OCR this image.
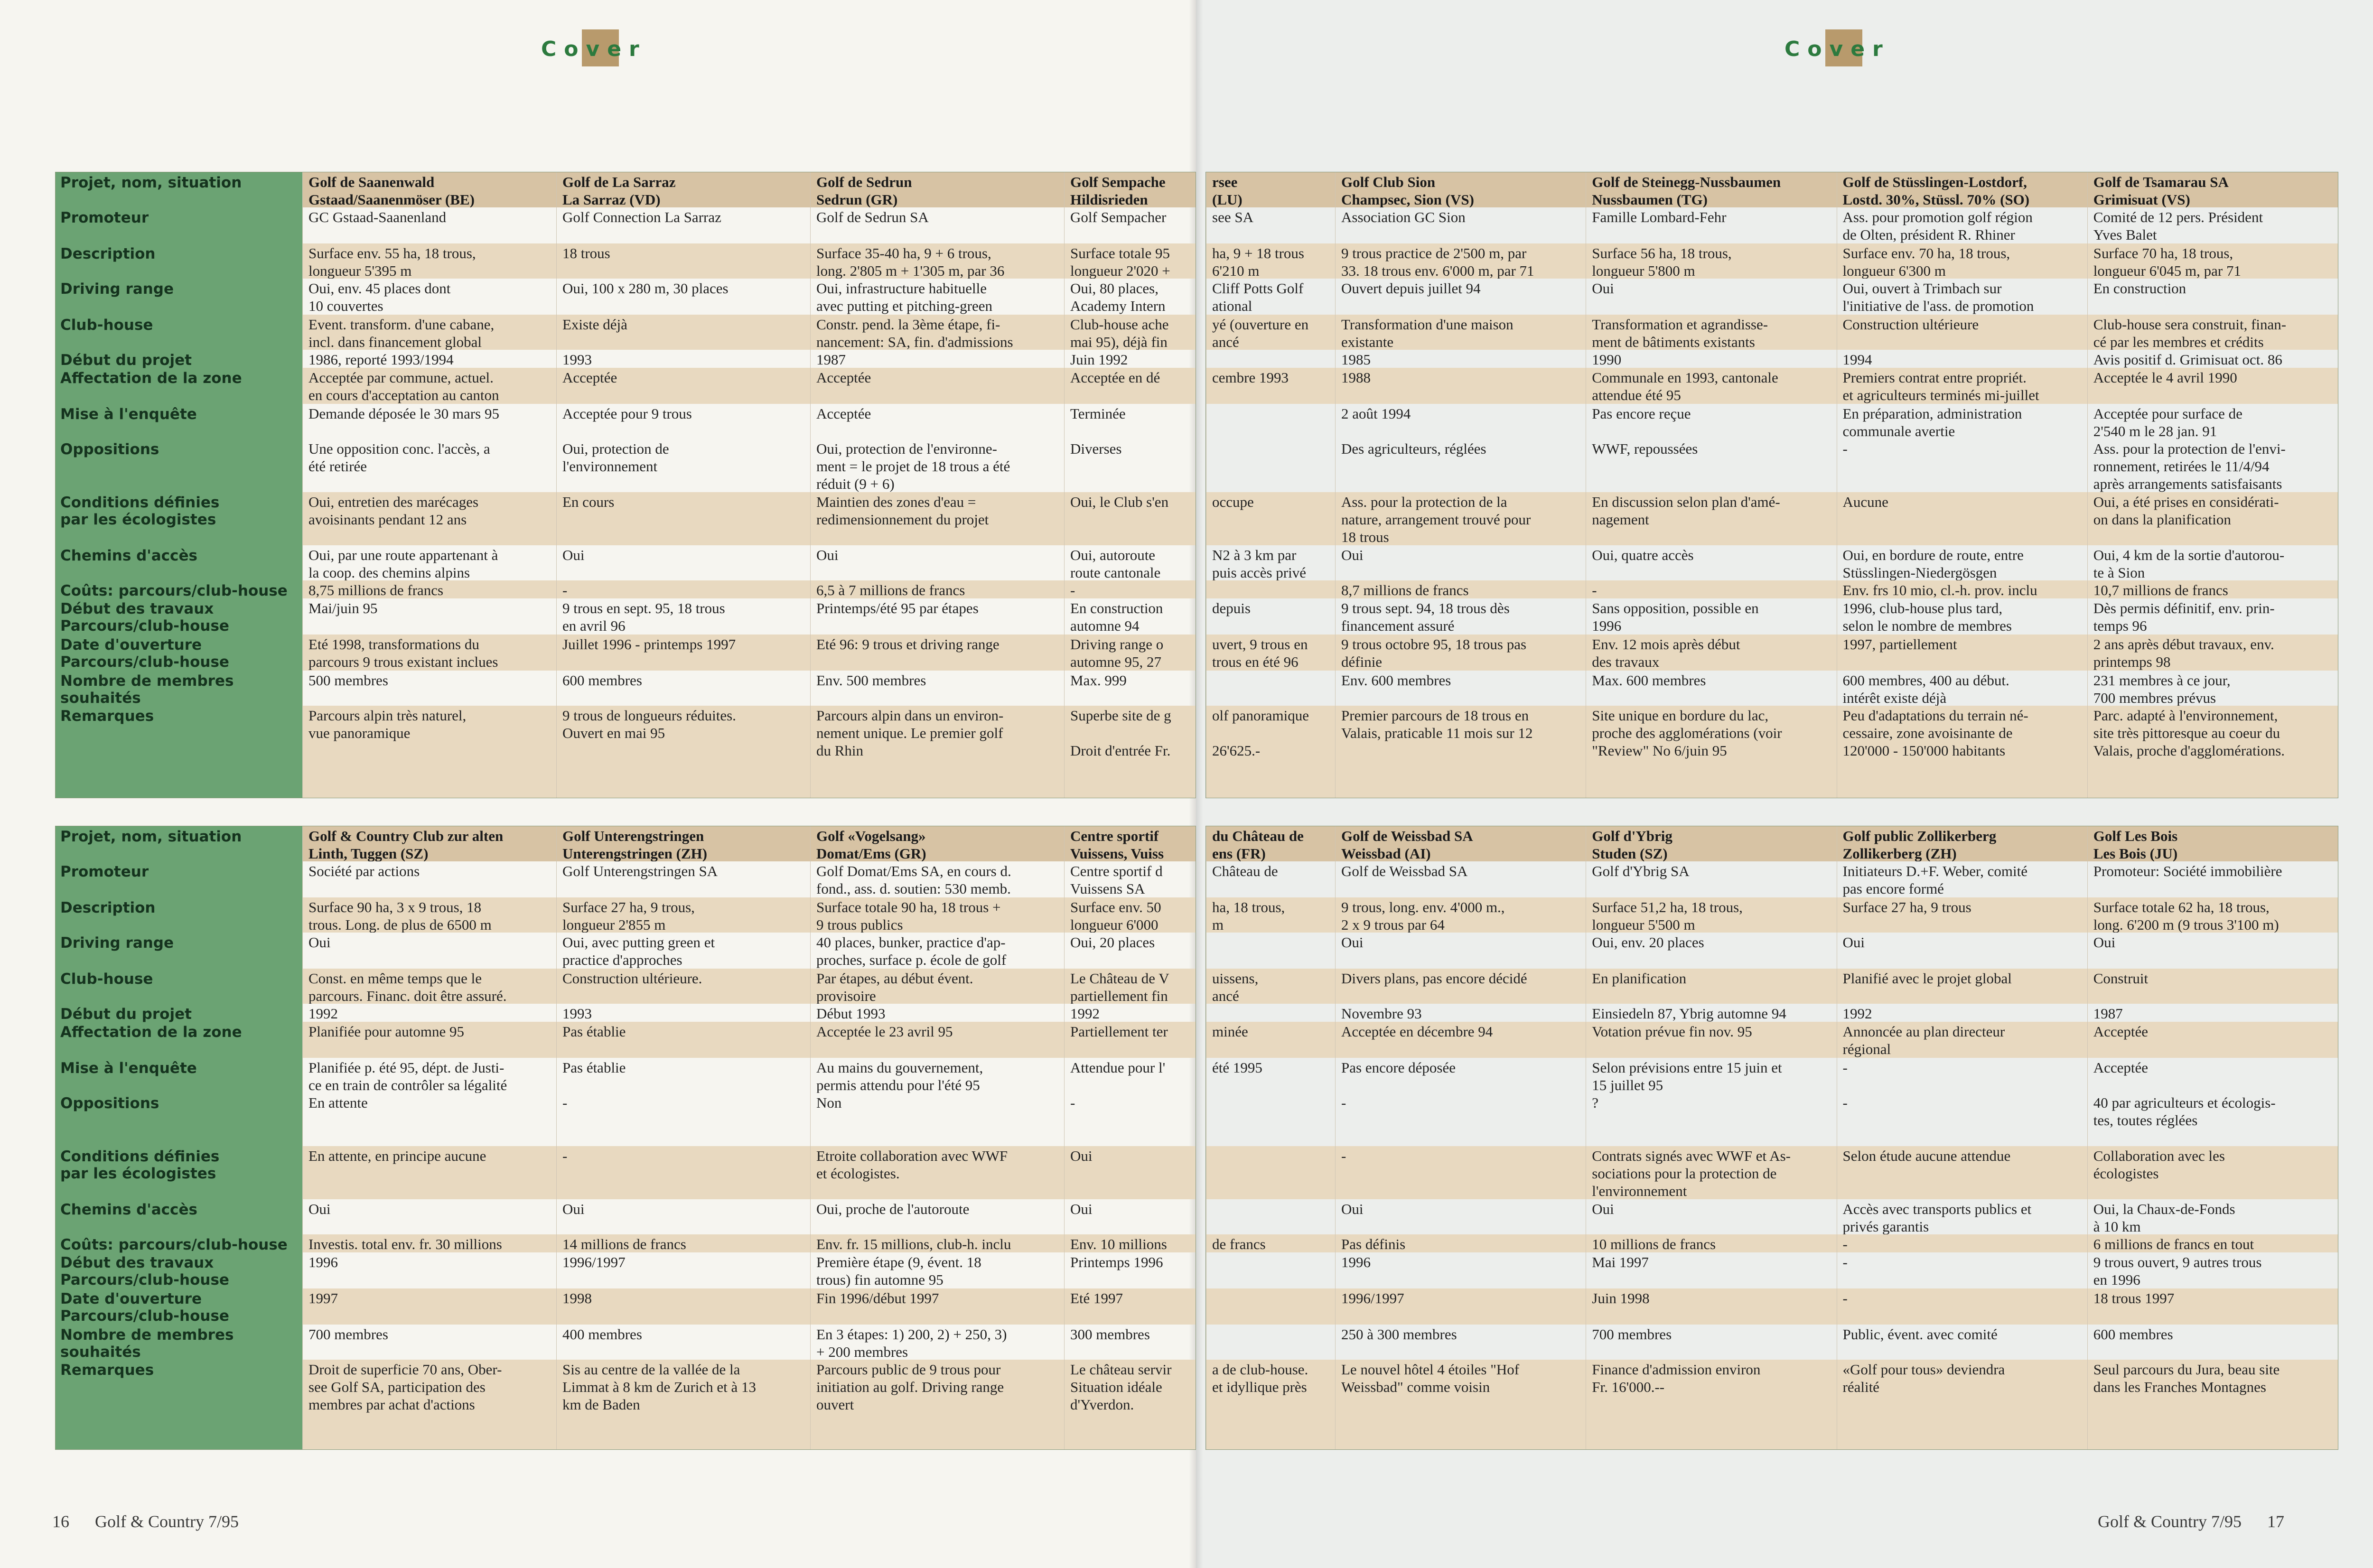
Cover	Cover
Projet, nom, situation
Promoteur
Description
Driving range
Club-house
Début du projet
Affectation de la zone
Mise à l'enquête
Oppositions
Conditions définies
par les écologistes
Chemins d'accès
Coûts: parcours/club-house
Début des travaux
Parcours/club-house
Date d'ouverture
Parcours/club-house
Nombre de membres
souhaités
Remarques
Golf de Saanenwald
Gstaad/Saanenmöser (BE)
GC Gstaad-Saanenland
Surface env. 55 ha, 18 trous,
longueur 5'395 m
Oui, env. 45 places dont
10 couvertes
Event. transform. d'une cabane,
incl. dans financement global
1986, reporté 1993/1994
Acceptée par commune, actuel.
en cours d'acceptation au canton
Demande déposée le 30 mars 95
Une opposition conc. l'accès, a
été retirée
Oui, entretien des marécages
avoisinants pendant 12 ans
Oui, par une route appartenant à
la coop. des chemins alpins
8,75 millions de francs
Mai/juin 95
Eté 1998, transformations du
parcours 9 trous existant inclues
500 membres
Parcours alpin très naturel,
vue panoramique
Golf de La Sarraz
La Sarraz (VD)
Golf Connection La Sarraz
18 trous
Oui, 100 x 280 m, 30 places
Existe déjà
1993
Acceptée
Acceptée pour 9 trous
Oui, protection de
l'environnement
En cours
Oui
-
9 trous en sept. 95, 18 trous
en avril 96
Juillet 1996 - printemps 1997
600 membres
9 trous de longueurs réduites.
Ouvert en mai 95
Golf de Sedrun
Sedrun (GR)
Golf de Sedrun SA
Surface 35-40 ha, 9 + 6 trous,
long. 2'805 m + 1'305 m, par 36
Oui, infrastructure habituelle
avec putting et pitching-green
Constr. pend. la 3ème étape, fi-
nancement: SA, fin. d'admissions
1987
Acceptée
Acceptée
Oui, protection de l'environne-
ment = le projet de 18 trous a été
réduit (9 + 6)
Maintien des zones d'eau =
redimensionnement du projet
Oui
6,5 à 7 millions de francs
Printemps/été 95 par étapes
Eté 96: 9 trous et driving range
Env. 500 membres
Parcours alpin dans un environ-
nement unique. Le premier golf
du Rhin
Golf Sempache
Hildisrieden
Golf Sempacher
Surface totale 95
longueur 2'020 +
Oui, 80 places,
Academy Intern
Club-house ache
mai 95), déjà fin
Juin 1992
Acceptée en dé
Terminée
Diverses
Oui, le Club s'en
Oui, autoroute
route cantonale
-
En construction
automne 94
Driving range o
automne 95, 27
Max. 999
Superbe site de g

Droit d'entrée Fr.
rsee
(LU)
see SA
ha, 9 + 18 trous
6'210 m
Cliff Potts Golf
ational
yé (ouverture en
ancé
cembre 1993
occupe
N2 à 3 km par
puis accès privé
depuis
uvert, 9 trous en
trous en été 96
olf panoramique

26'625.-
Golf Club Sion
Champsec, Sion (VS)
Association GC Sion
9 trous practice de 2'500 m, par
33. 18 trous env. 6'000 m, par 71
Ouvert depuis juillet 94
Transformation d'une maison
existante
1985
1988
2 août 1994
Des agriculteurs, réglées
Ass. pour la protection de la
nature, arrangement trouvé pour
18 trous
Oui
8,7 millions de francs
9 trous sept. 94, 18 trous dès
financement assuré
9 trous octobre 95, 18 trous pas
définie
Env. 600 membres
Premier parcours de 18 trous en
Valais, praticable 11 mois sur 12
Golf de Steinegg-Nussbaumen
Nussbaumen (TG)
Famille Lombard-Fehr
Surface 56 ha, 18 trous,
longueur 5'800 m
Oui
Transformation et agrandisse-
ment de bâtiments existants
1990
Communale en 1993, cantonale
attendue été 95
Pas encore reçue
WWF, repoussées
En discussion selon plan d'amé-
nagement
Oui, quatre accès
-
Sans opposition, possible en
1996
Env. 12 mois après début
des travaux
Max. 600 membres
Site unique en bordure du lac,
proche des agglomérations (voir
"Review" No 6/juin 95
Golf de Stüsslingen-Lostdorf,
Lostd. 30%, Stüssl. 70% (SO)
Ass. pour promotion golf région
de Olten, président R. Rhiner
Surface env. 70 ha, 18 trous,
longueur 6'300 m
Oui, ouvert à Trimbach sur
l'initiative de l'ass. de promotion
Construction ultérieure
1994
Premiers contrat entre propriét.
et agriculteurs terminés mi-juillet
En préparation, administration
communale avertie
-
Aucune
Oui, en bordure de route, entre
Stüsslingen-Niedergösgen
Env. frs 10 mio, cl.-h. prov. inclu
1996, club-house plus tard,
selon le nombre de membres
1997, partiellement
600 membres, 400 au début.
intérêt existe déjà
Peu d'adaptations du terrain né-
cessaire, zone avoisinante de
120'000 - 150'000 habitants
Golf de Tsamarau SA
Grimisuat (VS)
Comité de 12 pers. Président
Yves Balet
Surface 70 ha, 18 trous,
longueur 6'045 m, par 71
En construction
Club-house sera construit, finan-
cé par les membres et crédits
Avis positif d. Grimisuat oct. 86
Acceptée le 4 avril 1990
Acceptée pour surface de
2'540 m le 28 jan. 91
Ass. pour la protection de l'envi-
ronnement, retirées le 11/4/94
après arrangements satisfaisants
Oui, a été prises en considérati-
on dans la planification
Oui, 4 km de la sortie d'autorou-
te à Sion
10,7 millions de francs
Dès permis définitif, env. prin-
temps 96
2 ans après début travaux, env.
printemps 98
231 membres à ce jour,
700 membres prévus
Parc. adapté à l'environnement,
site très pittoresque au coeur du
Valais, proche d'agglomérations.
Projet, nom, situation
Promoteur
Description
Driving range
Club-house
Début du projet
Affectation de la zone
Mise à l'enquête
Oppositions
Conditions définies
par les écologistes
Chemins d'accès
Coûts: parcours/club-house
Début des travaux
Parcours/club-house
Date d'ouverture
Parcours/club-house
Nombre de membres
souhaités
Remarques
Golf & Country Club zur alten
Linth, Tuggen (SZ)
Société par actions
Surface 90 ha, 3 x 9 trous, 18
trous. Long. de plus de 6500 m
Oui
Const. en même temps que le
parcours. Financ. doit être assuré.
1992
Planifiée pour automne 95
Planifiée p. été 95, dépt. de Justi-
ce en train de contrôler sa légalité
En attente
En attente, en principe aucune
Oui
Investis. total env. fr. 30 millions
1996
1997
700 membres
Droit de superficie 70 ans, Ober-
see Golf SA, participation des
membres par achat d'actions
Golf Unterengstringen
Unterengstringen (ZH)
Golf Unterengstringen SA
Surface 27 ha, 9 trous,
longueur 2'855 m
Oui, avec putting green et
practice d'approches
Construction ultérieure.
1993
Pas établie
Pas établie
-
-
Oui
14 millions de francs
1996/1997
1998
400 membres
Sis au centre de la vallée de la
Limmat à 8 km de Zurich et à 13
km de Baden
Golf «Vogelsang»
Domat/Ems (GR)
Golf Domat/Ems SA, en cours d.
fond., ass. d. soutien: 530 memb.
Surface totale 90 ha, 18 trous +
9 trous publics
40 places, bunker, practice d'ap-
proches, surface p. école de golf
Par étapes, au début évent.
provisoire
Début 1993
Acceptée le 23 avril 95
Au mains du gouvernement,
permis attendu pour l'été 95
Non
Etroite collaboration avec WWF
et écologistes.
Oui, proche de l'autoroute
Env. fr. 15 millions, club-h. inclu
Première étape (9, évent. 18
trous) fin automne 95
Fin 1996/début 1997
En 3 étapes: 1) 200, 2) + 250, 3)
+ 200 membres
Parcours public de 9 trous pour
initiation au golf. Driving range
ouvert
Centre sportif
Vuissens, Vuiss
Centre sportif d
Vuissens SA
Surface env. 50
longueur 6'000
Oui, 20 places
Le Château de V
partiellement fin
1992
Partiellement ter
Attendue pour l'
-
Oui
Oui
Env. 10 millions
Printemps 1996
Eté 1997
300 membres
Le château servir
Situation idéale
d'Yverdon.
du Château de
ens (FR)
Château de
ha, 18 trous,
m
uissens,
ancé
minée
été 1995
de francs
a de club-house.
et idyllique près
Golf de Weissbad SA
Weissbad (AI)
Golf de Weissbad SA
9 trous, long. env. 4'000 m.,
2 x 9 trous par 64
Oui
Divers plans, pas encore décidé
Novembre 93
Acceptée en décembre 94
Pas encore déposée
-
-
Oui
Pas définis
1996
1996/1997
250 à 300 membres
Le nouvel hôtel 4 étoiles "Hof
Weissbad" comme voisin
Golf d'Ybrig
Studen (SZ)
Golf d'Ybrig SA
Surface 51,2 ha, 18 trous,
longueur 5'500 m
Oui, env. 20 places
En planification
Einsiedeln 87, Ybrig automne 94
Votation prévue fin nov. 95
Selon prévisions entre 15 juin et
15 juillet 95
?
Contrats signés avec WWF et As-
sociations pour la protection de
l'environnement
Oui
10 millions de francs
Mai 1997
Juin 1998
700 membres
Finance d'admission environ
Fr. 16'000.--
Golf public Zollikerberg
Zollikerberg (ZH)
Initiateurs D.+F. Weber, comité
pas encore formé
Surface 27 ha, 9 trous
Oui
Planifié avec le projet global
1992
Annoncée au plan directeur
régional
-
-
Selon étude aucune attendue
Accès avec transports publics et
privés garantis
-
-
-
Public, évent. avec comité
«Golf pour tous» deviendra
réalité
Golf Les Bois
Les Bois (JU)
Promoteur: Société immobilière
Surface totale 62 ha, 18 trous,
long. 6'200 m (9 trous 3'100 m)
Oui
Construit
1987
Acceptée
Acceptée
40 par agriculteurs et écologis-
tes, toutes réglées
Collaboration avec les
écologistes
Oui, la Chaux-de-Fonds
à 10 km
6 millions de francs en tout
9 trous ouvert, 9 autres trous
en 1996
18 trous 1997
600 membres
Seul parcours du Jura, beau site
dans les Franches Montagnes
16 Golf & Country 7/95	Golf & Country 7/95 17
